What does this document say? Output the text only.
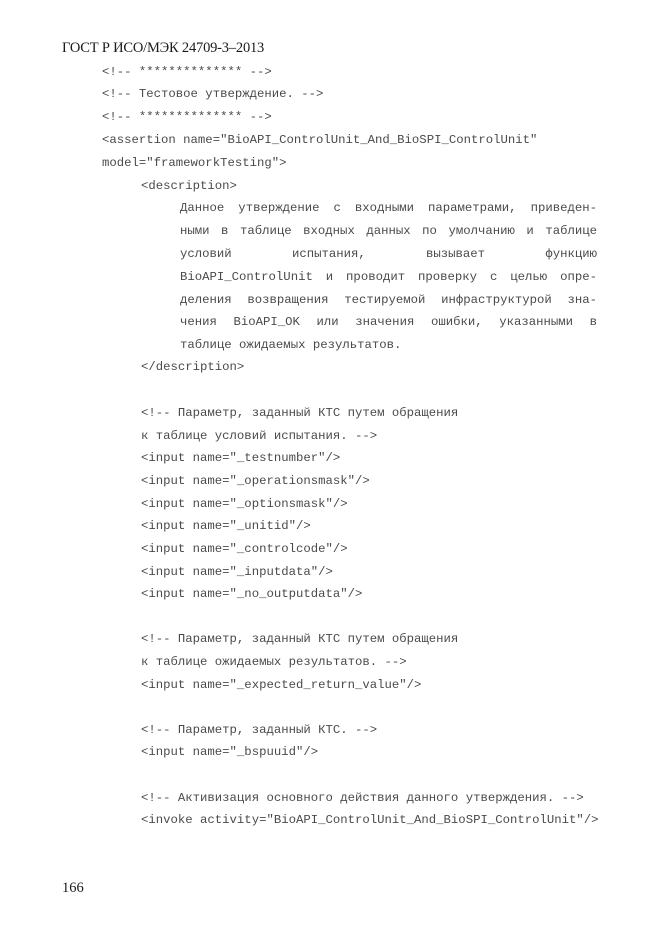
ГОСТ Р ИСО/МЭК 24709-3–2013
<!-- ************** -->
<!-- Тестовое утверждение. -->
<!-- ************** -->
<assertion name="BioAPI_ControlUnit_And_BioSPI_ControlUnit"
model="frameworkTesting">
<description>
Данное утверждение с входными параметрами, приведен-
ными в таблице входных данных по умолчанию и таблице
условий испытания, вызывает функцию
BioAPI_ControlUnit и проводит проверку с целью опре-
деления возвращения тестируемой инфраструктурой зна-
чения BioAPI_OK или значения ошибки, указанными в
таблице ожидаемых результатов.
</description>
<!-- Параметр, заданный КТС путем обращения
к таблице условий испытания. -->
<input name="_testnumber"/>
<input name="_operationsmask"/>
<input name="_optionsmask"/>
<input name="_unitid"/>
<input name="_controlcode"/>
<input name="_inputdata"/>
<input name="_no_outputdata"/>
<!-- Параметр, заданный КТС путем обращения
к таблице ожидаемых результатов. -->
<input name="_expected_return_value"/>
<!-- Параметр, заданный КТС. -->
<input name="_bspuuid"/>
<!-- Активизация основного действия данного утверждения. -->
<invoke activity="BioAPI_ControlUnit_And_BioSPI_ControlUnit"/>
166
